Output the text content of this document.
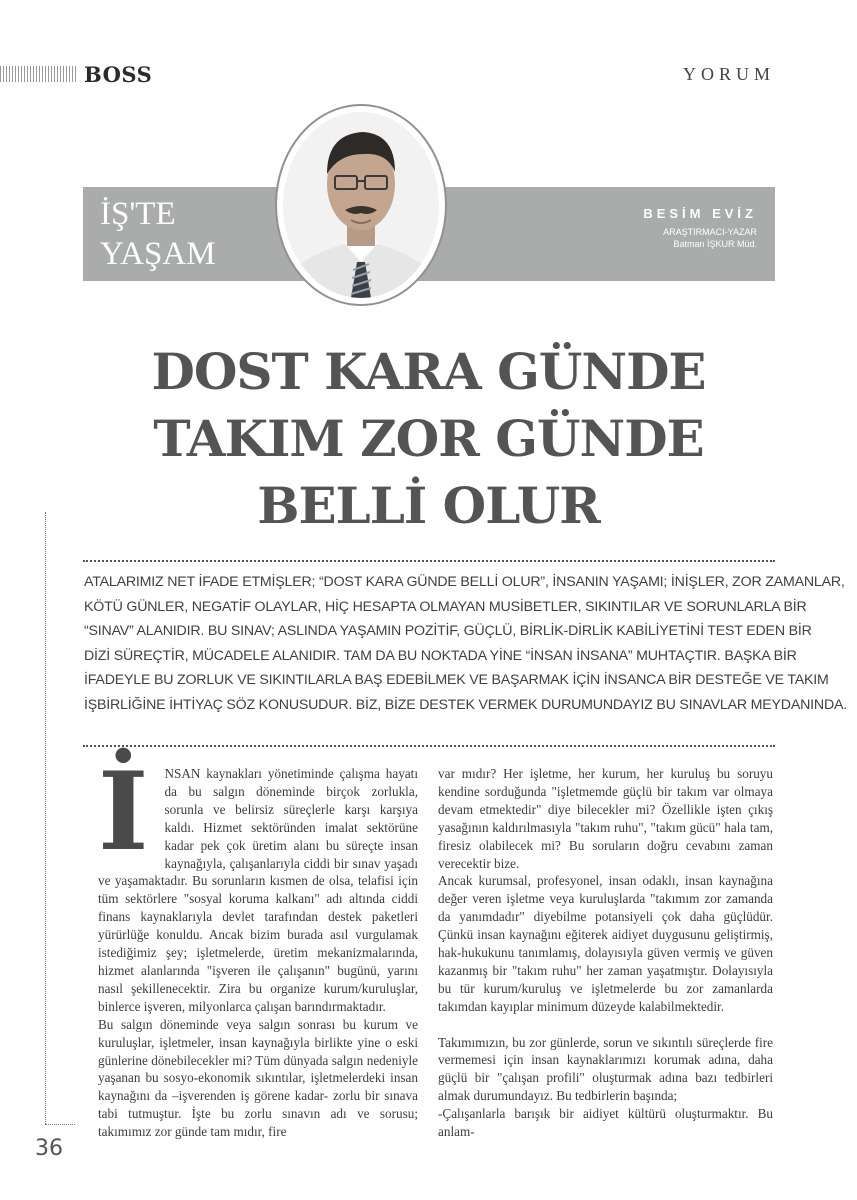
BOSS	YORUM
İŞ'TE
YAŞAM
BESİM EVİZ
ARAŞTIRMACI-YAZAR
Batman İŞKUR Müd.
DOST KARA GÜNDE
TAKIM ZOR GÜNDE
BELLİ OLUR
ATALARIMIZ NET İFADE ETMİŞLER; “DOST KARA GÜNDE BELLİ OLUR”, İNSANIN YAŞAMI; İNİŞLER, ZOR ZAMANLAR,
KÖTÜ GÜNLER, NEGATİF OLAYLAR, HİÇ HESAPTA OLMAYAN MUSİBETLER, SIKINTILAR VE SORUNLARLA BİR
“SINAV” ALANIDIR. BU SINAV; ASLINDA YAŞAMIN POZİTİF, GÜÇLÜ, BİRLİK-DİRLİK KABİLİYETİNİ TEST EDEN BİR
DİZİ SÜREÇTİR, MÜCADELE ALANIDIR. TAM DA BU NOKTADA YİNE “İNSAN İNSANA” MUHTAÇTIR. BAŞKA BİR
İFADEYLE BU ZORLUK VE SIKINTILARLA BAŞ EDEBİLMEK VE BAŞARMAK İÇİN İNSANCA BİR DESTEĞE VE TAKIM
İŞBİRLİĞİNE İHTİYAÇ SÖZ KONUSUDUR. BİZ, BİZE DESTEK VERMEK DURUMUNDAYIZ BU SINAVLAR MEYDANINDA.
36
İ	NSAN kaynakları yönetiminde çalışma hayatı da bu salgın döneminde birçok zorlukla, sorunla ve belirsiz süreçlerle karşı karşıya kaldı. Hizmet sektöründen imalat sektörüne kadar pek çok üretim alanı bu süreçte insan kaynağıyla, çalışanlarıyla ciddi bir sınav yaşadı ve yaşamaktadır. Bu sorunların kısmen de olsa, telafisi için tüm sektörlere "sosyal koruma kalkanı" adı altında ciddi finans kaynaklarıyla devlet tarafından destek paketleri yürürlüğe konuldu. Ancak bizim burada asıl vurgulamak istediğimiz şey; işletmelerde, üretim mekanizmalarında, hizmet alanlarında "işveren ile çalışanın" bugünü, yarını nasıl şekillenecektir. Zira bu organize kurum/kuruluşlar, binlerce işveren, milyonlarca çalışan barındırmaktadır.

Bu salgın döneminde veya salgın sonrası bu kurum ve kuruluşlar, işletmeler, insan kaynağıyla birlikte yine o eski günlerine dönebilecekler mi? Tüm dünyada salgın nedeniyle yaşanan bu sosyo-ekonomik sıkıntılar, işletmelerdeki insan kaynağını da –işverenden iş görene kadar- zorlu bir sınava tabi tutmuştur. İşte bu zorlu sınavın adı ve sorusu; takımımız zor günde tam mıdır, fire

var mıdır? Her işletme, her kurum, her kuruluş bu soruyu kendine sorduğunda "işletmemde güçlü bir takım var olmaya devam etmektedir" diye bilecekler mi? Özellikle işten çıkış yasağının kaldırılmasıyla "takım ruhu", "takım gücü" hala tam, firesiz olabilecek mi? Bu soruların doğru cevabını zaman verecektir bize.

Ancak kurumsal, profesyonel, insan odaklı, insan kaynağına değer veren işletme veya kuruluşlarda "takımım zor zamanda da yanımdadır" diyebilme potansiyeli çok daha güçlüdür. Çünkü insan kaynağını eğiterek aidiyet duygusunu geliştirmiş, hak-hukukunu tanımlamış, dolayısıyla güven vermiş ve güven kazanmış bir "takım ruhu" her zaman yaşatmıştır. Dolayısıyla bu tür kurum/kuruluş ve işletmelerde bu zor zamanlarda takımdan kayıplar minimum düzeyde kalabilmektedir.

Takımımızın, bu zor günlerde, sorun ve sıkıntılı süreçlerde fire vermemesi için insan kaynaklarımızı korumak adına, daha güçlü bir "çalışan profili" oluşturmak adına bazı tedbirleri almak durumundayız. Bu tedbirlerin başında;

-Çalışanlarla barışık bir aidiyet kültürü oluşturmaktır. Bu anlam-
